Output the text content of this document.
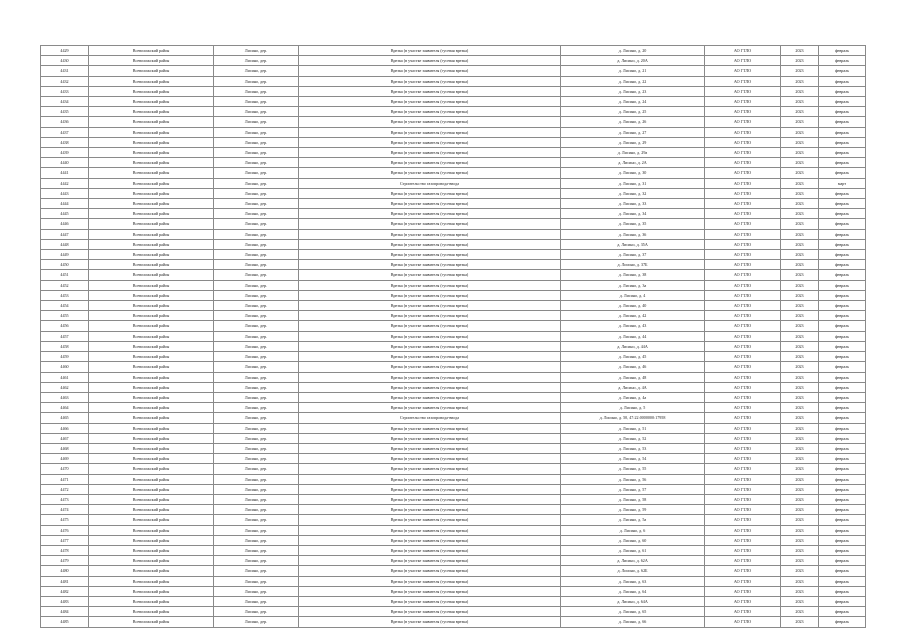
4429	Всеволожский район	Лисино, дер.	Врезка (в участке заявителя (гусевая врезка)	д. Лисино, д. 20	АО ГТЛО	2023	февраль
4430	Всеволожский район	Лисино, дер.	Врезка (в участке заявителя (гусевая врезка)	д. Лисино, д. 20А	АО ГТЛО	2023	февраль
4431	Всеволожский район	Лисино, дер.	Врезка (в участке заявителя (гусевая врезка)	д. Лисино, д. 21	АО ГТЛО	2023	февраль
4432	Всеволожский район	Лисино, дер.	Врезка (в участке заявителя (гусевая врезка)	д. Лисино, д. 22	АО ГТЛО	2023	февраль
4433	Всеволожский район	Лисино, дер.	Врезка (в участке заявителя (гусевая врезка)	д. Лисино, д. 23	АО ГТЛО	2023	февраль
4434	Всеволожский район	Лисино, дер.	Врезка (в участке заявителя (гусевая врезка)	д. Лисино, д. 24	АО ГТЛО	2023	февраль
4435	Всеволожский район	Лисино, дер.	Врезка (в участке заявителя (гусевая врезка)	д. Лисино, д. 25	АО ГТЛО	2023	февраль
4436	Всеволожский район	Лисино, дер.	Врезка (в участке заявителя (гусевая врезка)	д. Лисино, д. 26	АО ГТЛО	2023	февраль
4437	Всеволожский район	Лисино, дер.	Врезка (в участке заявителя (гусевая врезка)	д. Лисино, д. 27	АО ГТЛО	2023	февраль
4438	Всеволожский район	Лисино, дер.	Врезка (в участке заявителя (гусевая врезка)	д. Лисино, д. 29	АО ГТЛО	2023	февраль
4439	Всеволожский район	Лисино, дер.	Врезка (в участке заявителя (гусевая врезка)	д. Лисино, д. 29а	АО ГТЛО	2023	февраль
4440	Всеволожский район	Лисино, дер.	Врезка (в участке заявителя (гусевая врезка)	д. Лисино, д. 2А	АО ГТЛО	2023	февраль
4441	Всеволожский район	Лисино, дер.	Врезка (в участке заявителя (гусевая врезка)	д. Лисино, д. 30	АО ГТЛО	2023	февраль
4442	Всеволожский район	Лисино, дер.	Строительство газопровода-ввода	д. Лисино, д. 31	АО ГТЛО	2023	март
4443	Всеволожский район	Лисино, дер.	Врезка (в участке заявителя (гусевая врезка)	д. Лисино, д. 32	АО ГТЛО	2023	февраль
4444	Всеволожский район	Лисино, дер.	Врезка (в участке заявителя (гусевая врезка)	д. Лисино, д. 33	АО ГТЛО	2023	февраль
4445	Всеволожский район	Лисино, дер.	Врезка (в участке заявителя (гусевая врезка)	д. Лисино, д. 34	АО ГТЛО	2023	февраль
4446	Всеволожский район	Лисино, дер.	Врезка (в участке заявителя (гусевая врезка)	д. Лисино, д. 35	АО ГТЛО	2023	февраль
4447	Всеволожский район	Лисино, дер.	Врезка (в участке заявителя (гусевая врезка)	д. Лисино, д. 36	АО ГТЛО	2023	февраль
4448	Всеволожский район	Лисино, дер.	Врезка (в участке заявителя (гусевая врезка)	д. Лисино, д. 35А	АО ГТЛО	2023	февраль
4449	Всеволожский район	Лисино, дер.	Врезка (в участке заявителя (гусевая врезка)	д. Лисино, д. 37	АО ГТЛО	2023	февраль
4450	Всеволожский район	Лисино, дер.	Врезка (в участке заявителя (гусевая врезка)	д. Лисино, д. 37Б	АО ГТЛО	2023	февраль
4451	Всеволожский район	Лисино, дер.	Врезка (в участке заявителя (гусевая врезка)	д. Лисино, д. 38	АО ГТЛО	2023	февраль
4452	Всеволожский район	Лисино, дер.	Врезка (в участке заявителя (гусевая врезка)	д. Лисино, д. 3а	АО ГТЛО	2023	февраль
4453	Всеволожский район	Лисино, дер.	Врезка (в участке заявителя (гусевая врезка)	д. Лисино, д. 4	АО ГТЛО	2023	февраль
4454	Всеволожский район	Лисино, дер.	Врезка (в участке заявителя (гусевая врезка)	д. Лисино, д. 40	АО ГТЛО	2023	февраль
4455	Всеволожский район	Лисино, дер.	Врезка (в участке заявителя (гусевая врезка)	д. Лисино, д. 42	АО ГТЛО	2023	февраль
4456	Всеволожский район	Лисино, дер.	Врезка (в участке заявителя (гусевая врезка)	д. Лисино, д. 43	АО ГТЛО	2023	февраль
4457	Всеволожский район	Лисино, дер.	Врезка (в участке заявителя (гусевая врезка)	д. Лисино, д. 44	АО ГТЛО	2023	февраль
4458	Всеволожский район	Лисино, дер.	Врезка (в участке заявителя (гусевая врезка)	д. Лисино, д. 44А	АО ГТЛО	2023	февраль
4459	Всеволожский район	Лисино, дер.	Врезка (в участке заявителя (гусевая врезка)	д. Лисино, д. 45	АО ГТЛО	2023	февраль
4460	Всеволожский район	Лисино, дер.	Врезка (в участке заявителя (гусевая врезка)	д. Лисино, д. 46	АО ГТЛО	2023	февраль
4461	Всеволожский район	Лисино, дер.	Врезка (в участке заявителя (гусевая врезка)	д. Лисино, д. 48	АО ГТЛО	2023	февраль
4462	Всеволожский район	Лисино, дер.	Врезка (в участке заявителя (гусевая врезка)	д. Лисино, д. 4А	АО ГТЛО	2023	февраль
4463	Всеволожский район	Лисино, дер.	Врезка (в участке заявителя (гусевая врезка)	д. Лисино, д. 4а	АО ГТЛО	2023	февраль
4464	Всеволожский район	Лисино, дер.	Врезка (в участке заявителя (гусевая врезка)	д. Лисино, д. 5	АО ГТЛО	2023	февраль
4465	Всеволожский район	Лисино, дер.	Строительство газопровода-ввода	д. Лисино, д. 50, 47:22:0000000:17958	АО ГТЛО	2023	февраль
4466	Всеволожский район	Лисино, дер.	Врезка (в участке заявителя (гусевая врезка)	д. Лисино, д. 51	АО ГТЛО	2023	февраль
4467	Всеволожский район	Лисино, дер.	Врезка (в участке заявителя (гусевая врезка)	д. Лисино, д. 52	АО ГТЛО	2023	февраль
4468	Всеволожский район	Лисино, дер.	Врезка (в участке заявителя (гусевая врезка)	д. Лисино, д. 53	АО ГТЛО	2023	февраль
4469	Всеволожский район	Лисино, дер.	Врезка (в участке заявителя (гусевая врезка)	д. Лисино, д. 54	АО ГТЛО	2023	февраль
4470	Всеволожский район	Лисино, дер.	Врезка (в участке заявителя (гусевая врезка)	д. Лисино, д. 55	АО ГТЛО	2023	февраль
4471	Всеволожский район	Лисино, дер.	Врезка (в участке заявителя (гусевая врезка)	д. Лисино, д. 56	АО ГТЛО	2023	февраль
4472	Всеволожский район	Лисино, дер.	Врезка (в участке заявителя (гусевая врезка)	д. Лисино, д. 57	АО ГТЛО	2023	февраль
4473	Всеволожский район	Лисино, дер.	Врезка (в участке заявителя (гусевая врезка)	д. Лисино, д. 58	АО ГТЛО	2023	февраль
4474	Всеволожский район	Лисино, дер.	Врезка (в участке заявителя (гусевая врезка)	д. Лисино, д. 59	АО ГТЛО	2023	февраль
4475	Всеволожский район	Лисино, дер.	Врезка (в участке заявителя (гусевая врезка)	д. Лисино, д. 5а	АО ГТЛО	2023	февраль
4476	Всеволожский район	Лисино, дер.	Врезка (в участке заявителя (гусевая врезка)	д. Лисино, д. 6	АО ГТЛО	2023	февраль
4477	Всеволожский район	Лисино, дер.	Врезка (в участке заявителя (гусевая врезка)	д. Лисино, д. 60	АО ГТЛО	2023	февраль
4478	Всеволожский район	Лисино, дер.	Врезка (в участке заявителя (гусевая врезка)	д. Лисино, д. 61	АО ГТЛО	2023	февраль
4479	Всеволожский район	Лисино, дер.	Врезка (в участке заявителя (гусевая врезка)	д. Лисино, д. 62А	АО ГТЛО	2023	февраль
4480	Всеволожский район	Лисино, дер.	Врезка (в участке заявителя (гусевая врезка)	д. Лисино, д. 62Б	АО ГТЛО	2023	февраль
4481	Всеволожский район	Лисино, дер.	Врезка (в участке заявителя (гусевая врезка)	д. Лисино, д. 63	АО ГТЛО	2023	февраль
4482	Всеволожский район	Лисино, дер.	Врезка (в участке заявителя (гусевая врезка)	д. Лисино, д. 64	АО ГТЛО	2023	февраль
4483	Всеволожский район	Лисино, дер.	Врезка (в участке заявителя (гусевая врезка)	д. Лисино, д. 64А	АО ГТЛО	2023	февраль
4484	Всеволожский район	Лисино, дер.	Врезка (в участке заявителя (гусевая врезка)	д. Лисино, д. 65	АО ГТЛО	2023	февраль
4485	Всеволожский район	Лисино, дер.	Врезка (в участке заявителя (гусевая врезка)	д. Лисино, д. 66	АО ГТЛО	2023	февраль
